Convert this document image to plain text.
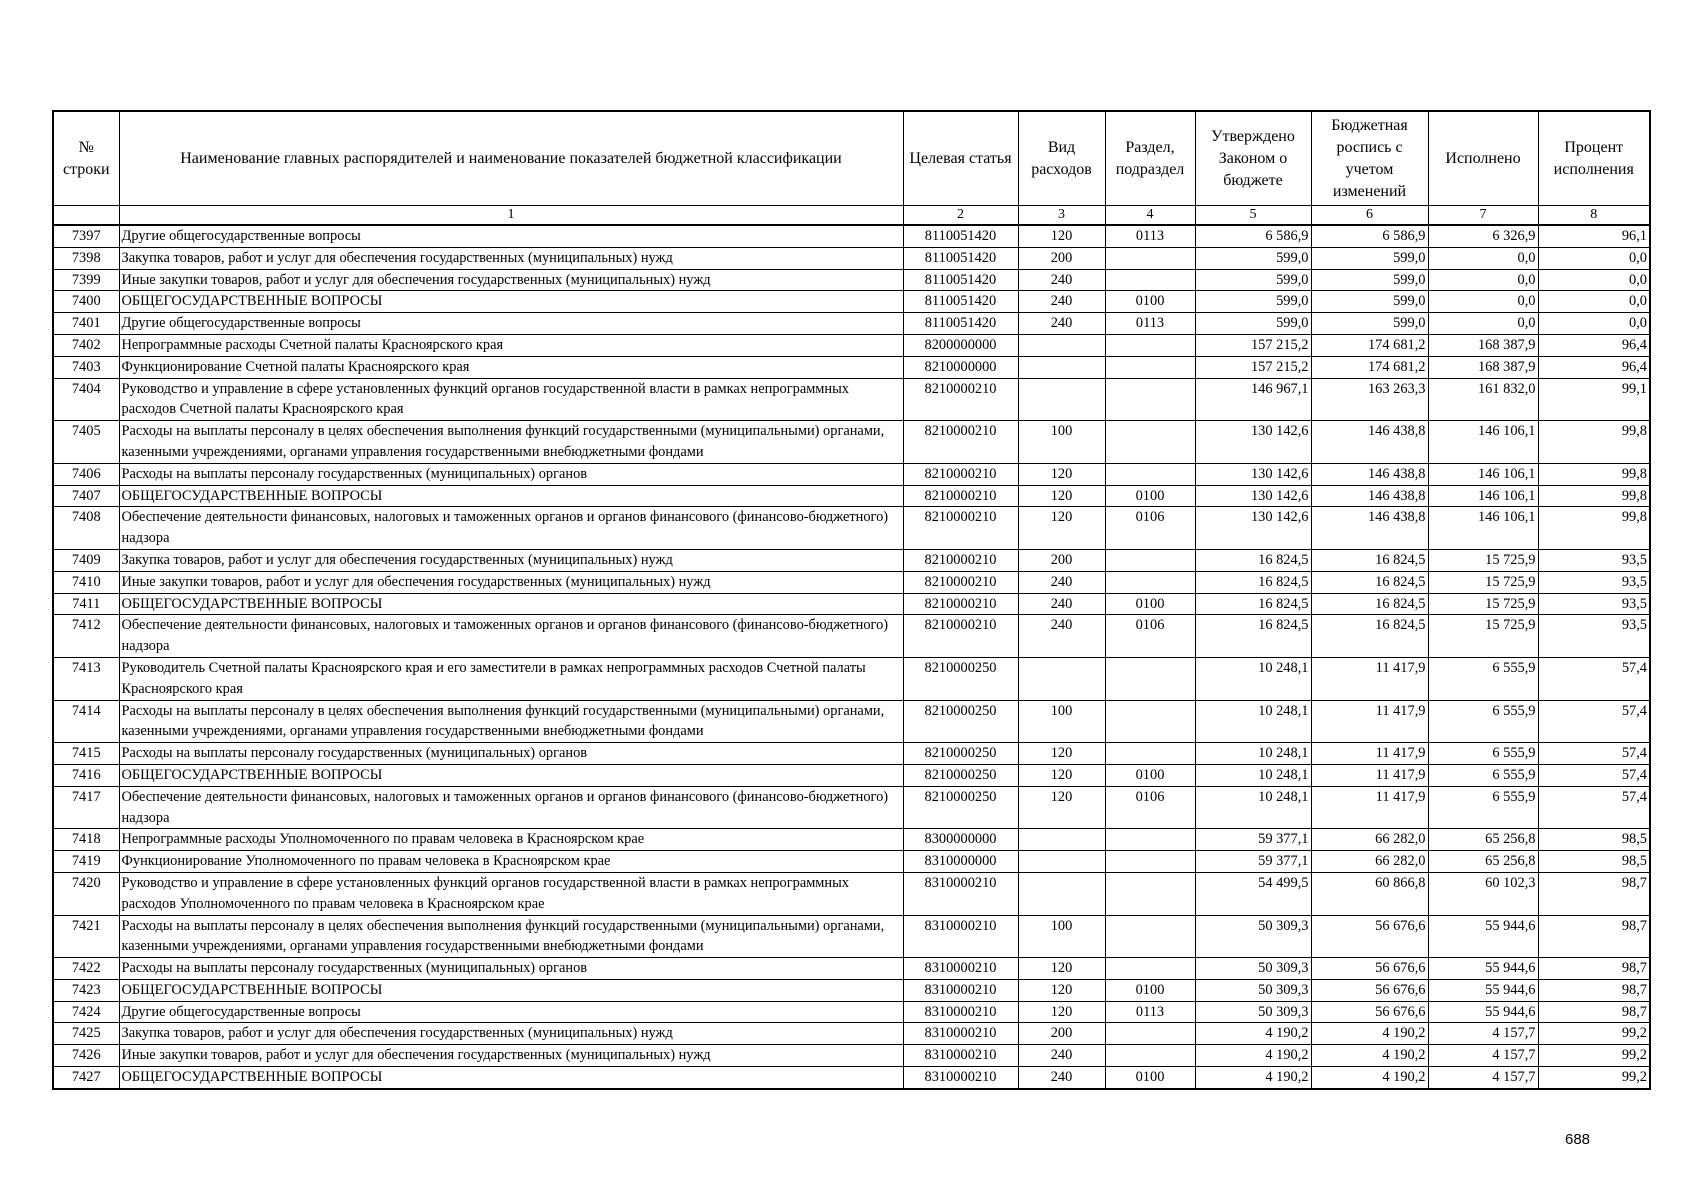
№ строки	Наименование главных распорядителей и наименование показателей бюджетной классификации	Целевая статья	Вид расходов	Раздел, подраздел	Утверждено Законом о бюджете	Бюджетная роспись с учетом изменений	Исполнено	Процент исполнения
	1	2	3	4	5	6	7	8
7397	Другие общегосударственные вопросы	8110051420	120	0113	6 586,9	6 586,9	6 326,9	96,1
7398	Закупка товаров, работ и услуг для обеспечения государственных (муниципальных) нужд	8110051420	200		599,0	599,0	0,0	0,0
7399	Иные закупки товаров, работ и услуг для обеспечения государственных (муниципальных) нужд	8110051420	240		599,0	599,0	0,0	0,0
7400	ОБЩЕГОСУДАРСТВЕННЫЕ ВОПРОСЫ	8110051420	240	0100	599,0	599,0	0,0	0,0
7401	Другие общегосударственные вопросы	8110051420	240	0113	599,0	599,0	0,0	0,0
7402	Непрограммные расходы Счетной палаты Красноярского края	8200000000			157 215,2	174 681,2	168 387,9	96,4
7403	Функционирование Счетной палаты Красноярского края	8210000000			157 215,2	174 681,2	168 387,9	96,4
7404	Руководство и управление в сфере установленных функций органов государственной власти в рамках непрограммных расходов Счетной палаты Красноярского края	8210000210			146 967,1	163 263,3	161 832,0	99,1
7405	Расходы на выплаты персоналу в целях обеспечения выполнения функций государственными (муниципальными) органами, казенными учреждениями, органами управления государственными внебюджетными фондами	8210000210	100		130 142,6	146 438,8	146 106,1	99,8
7406	Расходы на выплаты персоналу государственных (муниципальных) органов	8210000210	120		130 142,6	146 438,8	146 106,1	99,8
7407	ОБЩЕГОСУДАРСТВЕННЫЕ ВОПРОСЫ	8210000210	120	0100	130 142,6	146 438,8	146 106,1	99,8
7408	Обеспечение деятельности финансовых, налоговых и таможенных органов и органов финансового (финансово-бюджетного) надзора	8210000210	120	0106	130 142,6	146 438,8	146 106,1	99,8
7409	Закупка товаров, работ и услуг для обеспечения государственных (муниципальных) нужд	8210000210	200		16 824,5	16 824,5	15 725,9	93,5
7410	Иные закупки товаров, работ и услуг для обеспечения государственных (муниципальных) нужд	8210000210	240		16 824,5	16 824,5	15 725,9	93,5
7411	ОБЩЕГОСУДАРСТВЕННЫЕ ВОПРОСЫ	8210000210	240	0100	16 824,5	16 824,5	15 725,9	93,5
7412	Обеспечение деятельности финансовых, налоговых и таможенных органов и органов финансового (финансово-бюджетного) надзора	8210000210	240	0106	16 824,5	16 824,5	15 725,9	93,5
7413	Руководитель Счетной палаты Красноярского края и его заместители в рамках непрограммных расходов Счетной палаты Красноярского края	8210000250			10 248,1	11 417,9	6 555,9	57,4
7414	Расходы на выплаты персоналу в целях обеспечения выполнения функций государственными (муниципальными) органами, казенными учреждениями, органами управления государственными внебюджетными фондами	8210000250	100		10 248,1	11 417,9	6 555,9	57,4
7415	Расходы на выплаты персоналу государственных (муниципальных) органов	8210000250	120		10 248,1	11 417,9	6 555,9	57,4
7416	ОБЩЕГОСУДАРСТВЕННЫЕ ВОПРОСЫ	8210000250	120	0100	10 248,1	11 417,9	6 555,9	57,4
7417	Обеспечение деятельности финансовых, налоговых и таможенных органов и органов финансового (финансово-бюджетного) надзора	8210000250	120	0106	10 248,1	11 417,9	6 555,9	57,4
7418	Непрограммные расходы Уполномоченного по правам человека в Красноярском крае	8300000000			59 377,1	66 282,0	65 256,8	98,5
7419	Функционирование Уполномоченного по правам человека в Красноярском крае	8310000000			59 377,1	66 282,0	65 256,8	98,5
7420	Руководство и управление в сфере установленных функций органов государственной власти в рамках непрограммных расходов Уполномоченного по правам человека в Красноярском крае	8310000210			54 499,5	60 866,8	60 102,3	98,7
7421	Расходы на выплаты персоналу в целях обеспечения выполнения функций государственными (муниципальными) органами, казенными учреждениями, органами управления государственными внебюджетными фондами	8310000210	100		50 309,3	56 676,6	55 944,6	98,7
7422	Расходы на выплаты персоналу государственных (муниципальных) органов	8310000210	120		50 309,3	56 676,6	55 944,6	98,7
7423	ОБЩЕГОСУДАРСТВЕННЫЕ ВОПРОСЫ	8310000210	120	0100	50 309,3	56 676,6	55 944,6	98,7
7424	Другие общегосударственные вопросы	8310000210	120	0113	50 309,3	56 676,6	55 944,6	98,7
7425	Закупка товаров, работ и услуг для обеспечения государственных (муниципальных) нужд	8310000210	200		4 190,2	4 190,2	4 157,7	99,2
7426	Иные закупки товаров, работ и услуг для обеспечения государственных (муниципальных) нужд	8310000210	240		4 190,2	4 190,2	4 157,7	99,2
7427	ОБЩЕГОСУДАРСТВЕННЫЕ ВОПРОСЫ	8310000210	240	0100	4 190,2	4 190,2	4 157,7	99,2
688
